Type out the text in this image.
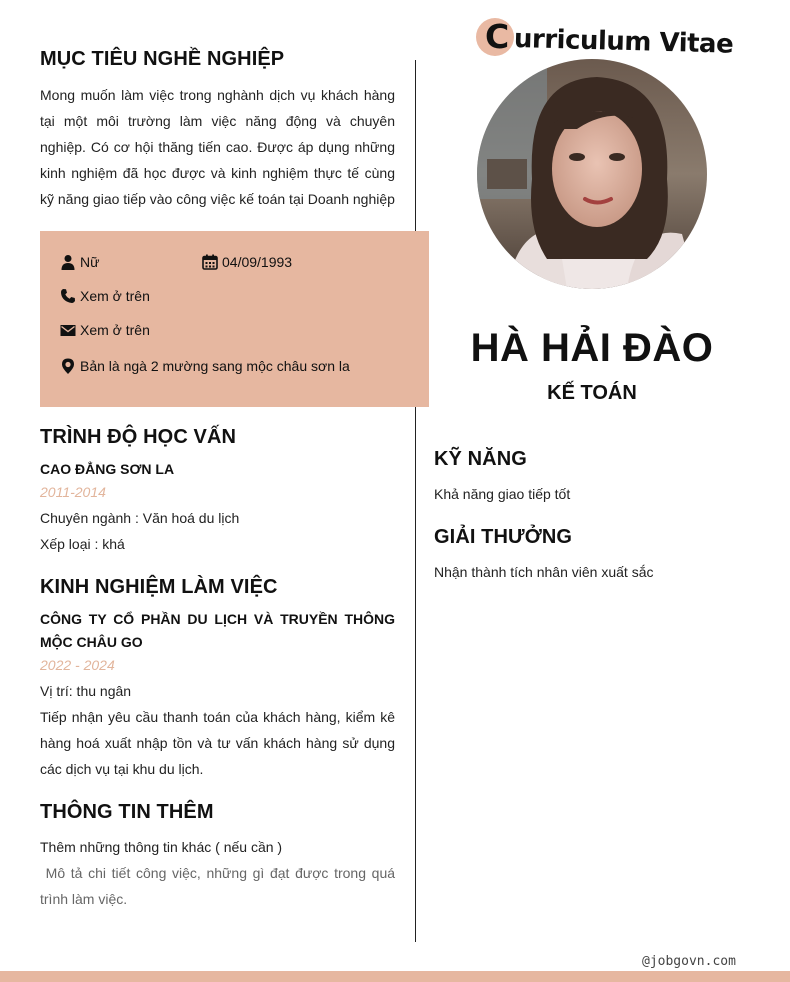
C urriculum Vitae
MỤC TIÊU NGHỀ NGHIỆP
Mong muốn làm việc trong nghành dịch vụ khách hàng tại một môi trường làm việc năng động và chuyên nghiệp. Có cơ hội thăng tiến cao. Được áp dụng những kinh nghiệm đã học được và kinh nghiệm thực tế cùng kỹ năng giao tiếp vào công việc kế toán tại Doanh nghiệp
Nữ	04/09/1993
Xem ở trên
Xem ở trên
Bản là ngà 2 mường sang mộc châu sơn la	HÀ HẢI ĐÀO
KẾ TOÁN
TRÌNH ĐỘ HỌC VẤN
CAO ĐẲNG SƠN LA
2011-2014
Chuyên ngành : Văn hoá du lịch
Xếp loại : khá
KINH NGHIỆM LÀM VIỆC
CÔNG TY CỔ PHẦN DU LỊCH VÀ TRUYỀN THÔNG MỘC CHÂU GO
2022 - 2024
Vị trí: thu ngân
Tiếp nhận yêu cầu thanh toán của khách hàng, kiểm kê hàng hoá xuất nhập tồn và tư vấn khách hàng sử dụng các dịch vụ tại khu du lịch.
THÔNG TIN THÊM
Thêm những thông tin khác ( nếu cần )
Mô tả chi tiết công việc, những gì đạt được trong quá trình làm việc.
KỸ NĂNG
Khả năng giao tiếp tốt
GIẢI THƯỞNG
Nhận thành tích nhân viên xuất sắc
@jobgovn.com
